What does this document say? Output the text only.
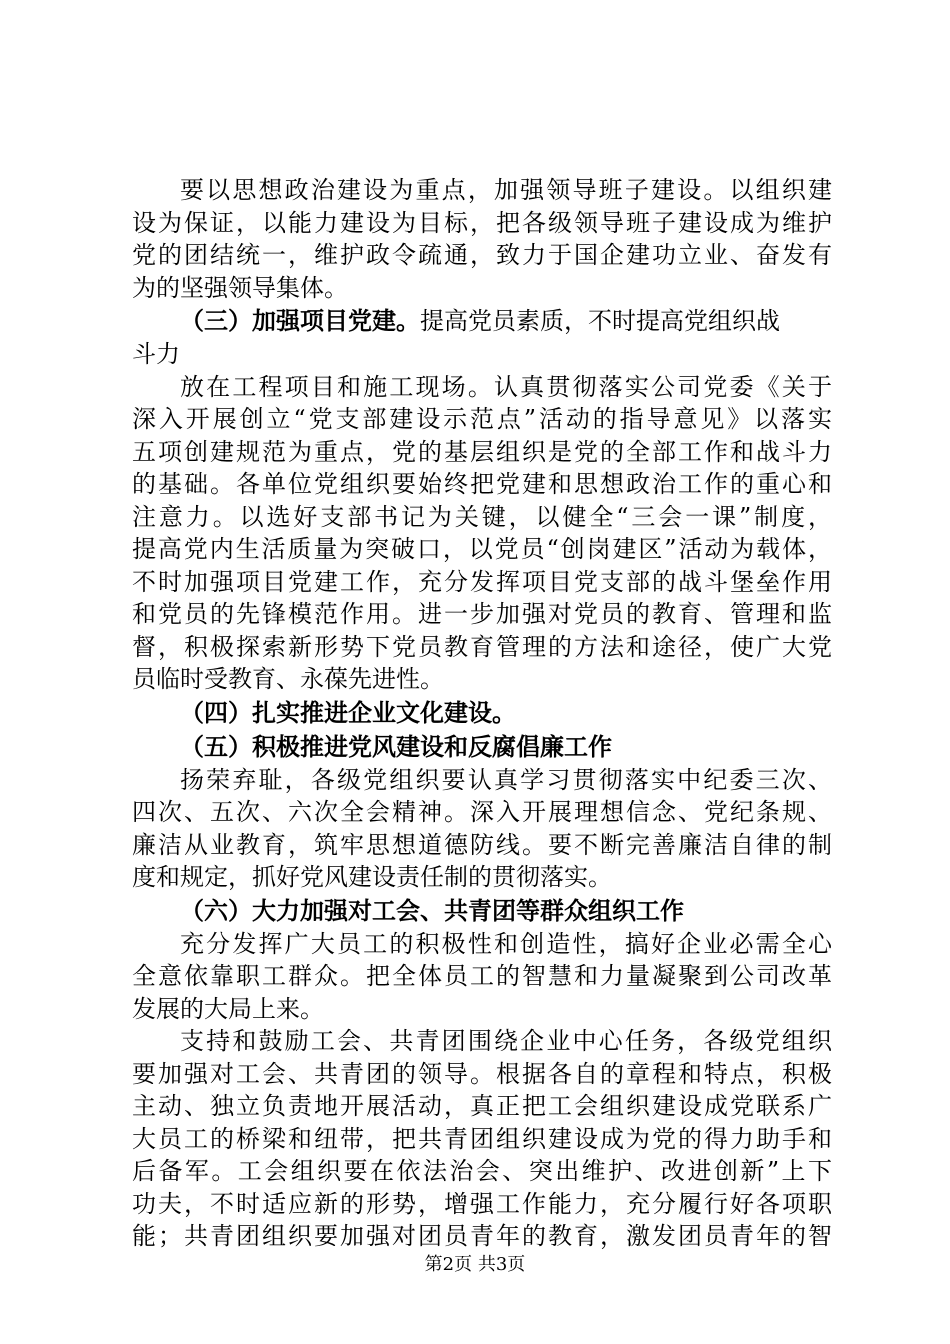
要以思想政治建设为重点，加强领导班子建设。以组织建
设为保证，以能力建设为目标，把各级领导班子建设成为维护
党的团结统一，维护政令疏通，致力于国企建功立业、奋发有
为的坚强领导集体。
（三）加强项目党建。提高党员素质，不时提高党组织战
斗力
放在工程项目和施工现场。认真贯彻落实公司党委《关于
深入开展创立“党支部建设示范点”活动的指导意见》以落实
五项创建规范为重点，党的基层组织是党的全部工作和战斗力
的基础。各单位党组织要始终把党建和思想政治工作的重心和
注意力。以选好支部书记为关键，以健全“三会一课”制度，
提高党内生活质量为突破口，以党员“创岗建区”活动为载体，
不时加强项目党建工作，充分发挥项目党支部的战斗堡垒作用
和党员的先锋模范作用。进一步加强对党员的教育、管理和监
督，积极探索新形势下党员教育管理的方法和途径，使广大党
员临时受教育、永葆先进性。
（四）扎实推进企业文化建设。
（五）积极推进党风建设和反腐倡廉工作
扬荣弃耻，各级党组织要认真学习贯彻落实中纪委三次、
四次、五次、六次全会精神。深入开展理想信念、党纪条规、
廉洁从业教育，筑牢思想道德防线。要不断完善廉洁自律的制
度和规定，抓好党风建设责任制的贯彻落实。
（六）大力加强对工会、共青团等群众组织工作
充分发挥广大员工的积极性和创造性，搞好企业必需全心
全意依靠职工群众。把全体员工的智慧和力量凝聚到公司改革
发展的大局上来。
支持和鼓励工会、共青团围绕企业中心任务，各级党组织
要加强对工会、共青团的领导。根据各自的章程和特点，积极
主动、独立负责地开展活动，真正把工会组织建设成党联系广
大员工的桥梁和纽带，把共青团组织建设成为党的得力助手和
后备军。工会组织要在依法治会、突出维护、改进创新”上下
功夫，不时适应新的形势，增强工作能力，充分履行好各项职
能；共青团组织要加强对团员青年的教育，激发团员青年的智
第2页 共3页
